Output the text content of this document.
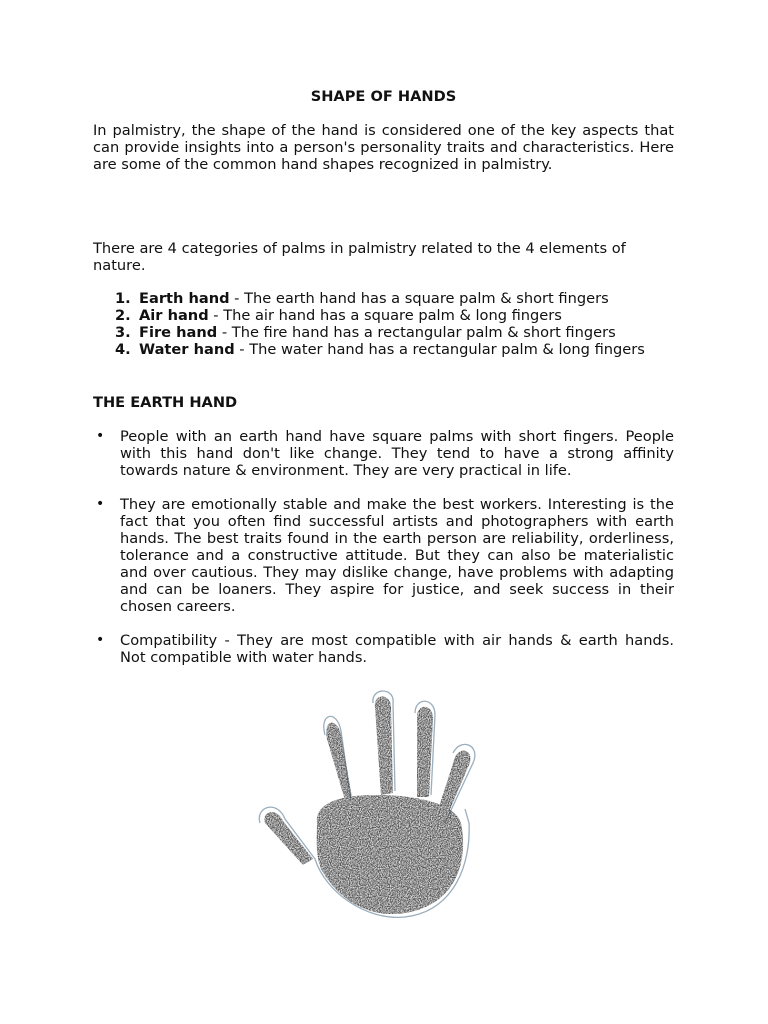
SHAPE OF HANDS

In palmistry, the shape of the hand is considered one of the key aspects that can provide insights into a person's personality traits and characteristics. Here are some of the common hand shapes recognized in palmistry.

There are 4 categories of palms in palmistry related to the 4 elements of nature.

1. Earth hand - The earth hand has a square palm & short fingers
2. Air hand - The air hand has a square palm & long fingers
3. Fire hand - The fire hand has a rectangular palm & short fingers
4. Water hand - The water hand has a rectangular palm & long fingers
THE EARTH HAND
• People with an earth hand have square palms with short fingers. People with this hand don't like change. They tend to have a strong affinity towards nature & environment. They are very practical in life.
• They are emotionally stable and make the best workers. Interesting is the fact that you often find successful artists and photographers with earth hands. The best traits found in the earth person are reliability, orderliness, tolerance and a constructive attitude. But they can also be materialistic and over cautious. They may dislike change, have problems with adapting and can be loaners. They aspire for justice, and seek success in their chosen careers.
• Compatibility - They are most compatible with air hands & earth hands. Not compatible with water hands.
